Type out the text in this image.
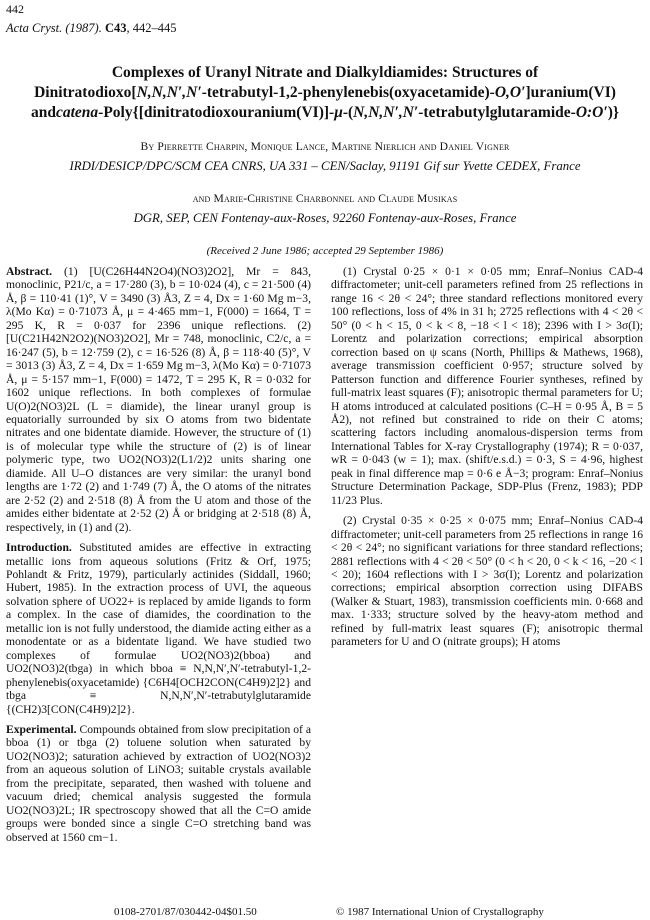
442
Acta Cryst. (1987). C43, 442–445
Complexes of Uranyl Nitrate and Dialkyldiamides: Structures of
Dinitratodioxo[N,N,N′,N′-tetrabutyl-1,2-phenylenebis(oxyacetamide)-O,O′]uranium(VI)
andcatena-Poly{[dinitratodioxouranium(VI)]-μ-(N,N,N′,N′-tetrabutylglutaramide-O:O′)}
By Pierrette Charpin, Monique Lance, Martine Nierlich and Daniel Vigner
IRDI/DESICP/DPC/SCM CEA CNRS, UA 331 – CEN/Saclay, 91191 Gif sur Yvette CEDEX, France
and Marie-Christine Charbonnel and Claude Musikas
DGR, SEP, CEN Fontenay-aux-Roses, 92260 Fontenay-aux-Roses, France
(Received 2 June 1986; accepted 29 September 1986)

Abstract. (1) [U(C26H44N2O4)(NO3)2O2], Mr = 843, monoclinic, P21/c, a = 17·280 (3), b = 10·024 (4), c = 21·500 (4) Å, β = 110·41 (1)°, V = 3490 (3) Å3, Z = 4, Dx = 1·60 Mg m−3, λ(Mo Kα) = 0·71073 Å, μ = 4·465 mm−1, F(000) = 1664, T = 295 K, R = 0·037 for 2396 unique reflections. (2) [U(C21H42N2O2)(NO3)2O2], Mr = 748, monoclinic, C2/c, a = 16·247 (5), b = 12·759 (2), c = 16·526 (8) Å, β = 118·40 (5)°, V = 3013 (3) Å3, Z = 4, Dx = 1·659 Mg m−3, λ(Mo Kα) = 0·71073 Å, μ = 5·157 mm−1, F(000) = 1472, T = 295 K, R = 0·032 for 1602 unique reflections. In both complexes of formulae U(O)2(NO3)2L (L = diamide), the linear uranyl group is equatorially surrounded by six O atoms from two bidentate nitrates and one bidentate diamide. However, the structure of (1) is of molecular type while the structure of (2) is of linear polymeric type, two UO2(NO3)2(L1/2)2 units sharing one diamide. All U–O distances are very similar: the uranyl bond lengths are 1·72 (2) and 1·749 (7) Å, the O atoms of the nitrates are 2·52 (2) and 2·518 (8) Å from the U atom and those of the amides either bidentate at 2·52 (2) Å or bridging at 2·518 (8) Å, respectively, in (1) and (2).

Introduction. Substituted amides are effective in extracting metallic ions from aqueous solutions (Fritz & Orf, 1975; Pohlandt & Fritz, 1979), particularly actinides (Siddall, 1960; Hubert, 1985). In the extraction process of UVI, the aqueous solvation sphere of UO22+ is replaced by amide ligands to form a complex. In the case of diamides, the coordination to the metallic ion is not fully understood, the diamide acting either as a monodentate or as a bidentate ligand. We have studied two complexes of formulae UO2(NO3)2(bboa) and UO2(NO3)2(tbga) in which bboa ≡ N,N,N′,N′-tetrabutyl-1,2-phenylenebis(oxyacetamide) {C6H4[OCH2CON(C4H9)2]2} and tbga ≡ N,N,N′,N′-tetrabutylglutaramide {(CH2)3[CON(C4H9)2]2}.

Experimental. Compounds obtained from slow precipitation of a bboa (1) or tbga (2) toluene solution when saturated by UO2(NO3)2; saturation achieved by extraction of UO2(NO3)2 from an aqueous solution of LiNO3; suitable crystals available from the precipitate, separated, then washed with toluene and vacuum dried; chemical analysis suggested the formula UO2(NO3)2L; IR spectroscopy showed that all the C=O amide groups were bonded since a single C=O stretching band was observed at 1560 cm−1.

(1) Crystal 0·25 × 0·1 × 0·05 mm; Enraf–Nonius CAD-4 diffractometer; unit-cell parameters refined from 25 reflections in range 16 < 2θ < 24°; three standard reflections monitored every 100 reflections, loss of 4% in 31 h; 2725 reflections with 4 < 2θ < 50° (0 < h < 15, 0 < k < 8, −18 < l < 18); 2396 with I > 3σ(I); Lorentz and polarization corrections; empirical absorption correction based on ψ scans (North, Phillips & Mathews, 1968), average transmission coefficient 0·957; structure solved by Patterson function and difference Fourier syntheses, refined by full-matrix least squares (F); anisotropic thermal parameters for U; H atoms introduced at calculated positions (C–H = 0·95 Å, B = 5 Å2), not refined but constrained to ride on their C atoms; scattering factors including anomalous-dispersion terms from International Tables for X-ray Crystallography (1974); R = 0·037, wR = 0·043 (w = 1); max. (shift/e.s.d.) = 0·3, S = 4·96, highest peak in final difference map = 0·6 e Å−3; program: Enraf–Nonius Structure Determination Package, SDP-Plus (Frenz, 1983); PDP 11/23 Plus.

(2) Crystal 0·35 × 0·25 × 0·075 mm; Enraf–Nonius CAD-4 diffractometer; unit-cell parameters from 25 reflections in range 16 < 2θ < 24°; no significant variations for three standard reflections; 2881 reflections with 4 < 2θ < 50° (0 < h < 20, 0 < k < 16, −20 < l < 20); 1604 reflections with I > 3σ(I); Lorentz and polarization corrections; empirical absorption correction using DIFABS (Walker & Stuart, 1983), transmission coefficients min. 0·668 and max. 1·333; structure solved by the heavy-atom method and refined by full-matrix least squares (F); anisotropic thermal parameters for U and O (nitrate groups); H atoms

0108-2701/87/030442-04$01.50	© 1987 International Union of Crystallography
